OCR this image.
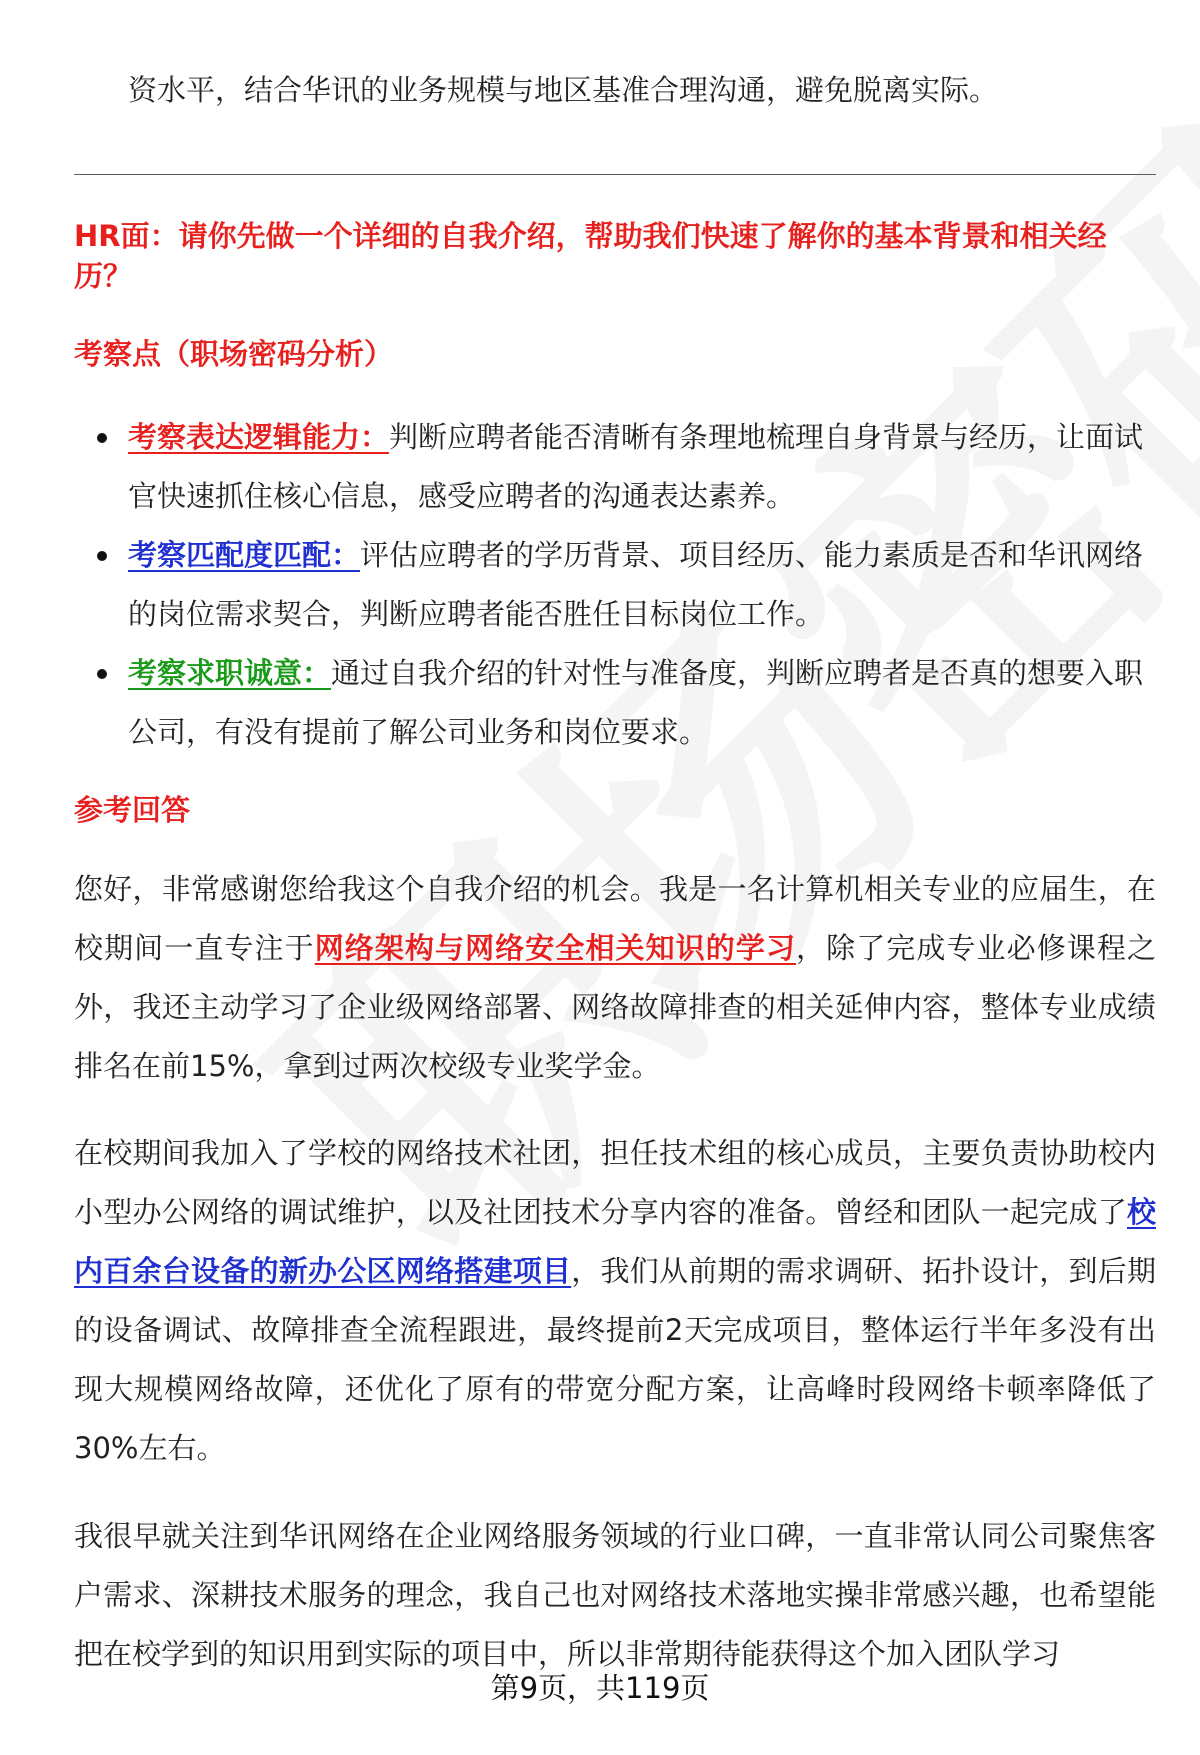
资水平，结合华讯的业务规模与地区基准合理沟通，避免脱离实际。
HR面：请你先做一个详细的自我介绍，帮助我们快速了解你的基本背景和相关经历？
考察点（职场密码分析）
考察表达逻辑能力：判断应聘者能否清晰有条理地梳理自身背景与经历，让面试官快速抓住核心信息，感受应聘者的沟通表达素养。
考察匹配度匹配：评估应聘者的学历背景、项目经历、能力素质是否和华讯网络的岗位需求契合，判断应聘者能否胜任目标岗位工作。
考察求职诚意：通过自我介绍的针对性与准备度，判断应聘者是否真的想要入职公司，有没有提前了解公司业务和岗位要求。
参考回答
您好，非常感谢您给我这个自我介绍的机会。我是一名计算机相关专业的应届生，在校期间一直专注于网络架构与网络安全相关知识的学习，除了完成专业必修课程之外，我还主动学习了企业级网络部署、网络故障排查的相关延伸内容，整体专业成绩排名在前15%，拿到过两次校级专业奖学金。
在校期间我加入了学校的网络技术社团，担任技术组的核心成员，主要负责协助校内小型办公网络的调试维护，以及社团技术分享内容的准备。曾经和团队一起完成了校内百余台设备的新办公区网络搭建项目，我们从前期的需求调研、拓扑设计，到后期的设备调试、故障排查全流程跟进，最终提前2天完成项目，整体运行半年多没有出现大规模网络故障，还优化了原有的带宽分配方案，让高峰时段网络卡顿率降低了30%左右。
我很早就关注到华讯网络在企业网络服务领域的行业口碑，一直非常认同公司聚焦客户需求、深耕技术服务的理念，我自己也对网络技术落地实操非常感兴趣，也希望能把在校学到的知识用到实际的项目中，所以非常期待能获得这个加入团队学习
第9页，共119页
